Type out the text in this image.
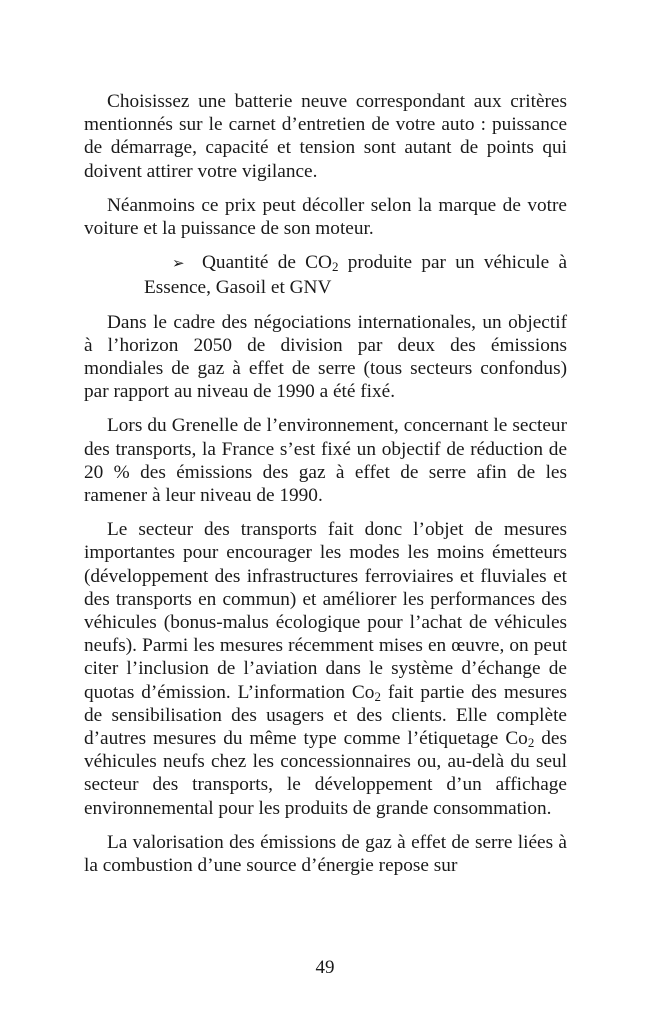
Choisissez une batterie neuve correspondant aux critères mentionnés sur le carnet d’entretien de votre auto : puissance de démarrage, capacité et tension sont autant de points qui doivent attirer votre vigilance.

Néanmoins ce prix peut décoller selon la marque de votre voiture et la puissance de son moteur.

➢ Quantité de $CO_2$ produite par un véhicule à Essence, Gasoil et GNV

Dans le cadre des négociations internationales, un objectif à l’horizon 2050 de division par deux des émissions mondiales de gaz à effet de serre (tous secteurs confondus) par rapport au niveau de 1990 a été fixé.

Lors du Grenelle de l’environnement, concernant le secteur des transports, la France s’est fixé un objectif de réduction de 20 % des émissions des gaz à effet de serre afin de les ramener à leur niveau de 1990.

Le secteur des transports fait donc l’objet de mesures importantes pour encourager les modes les moins émetteurs (développement des infrastructures ferroviaires et fluviales et des transports en commun) et améliorer les performances des véhicules (bonus-malus écologique pour l’achat de véhicules neufs). Parmi les mesures récemment mises en œuvre, on peut citer l’inclusion de l’aviation dans le système d’échange de quotas d’émission. L’information $Co_2$ fait partie des mesures de sensibilisation des usagers et des clients. Elle complète d’autres mesures du même type comme l’étiquetage $Co_2$ des véhicules neufs chez les concessionnaires ou, au-delà du seul secteur des transports, le développement d’un affichage environnemental pour les produits de grande consommation.

La valorisation des émissions de gaz à effet de serre liées à la combustion d’une source d’énergie repose sur

49
